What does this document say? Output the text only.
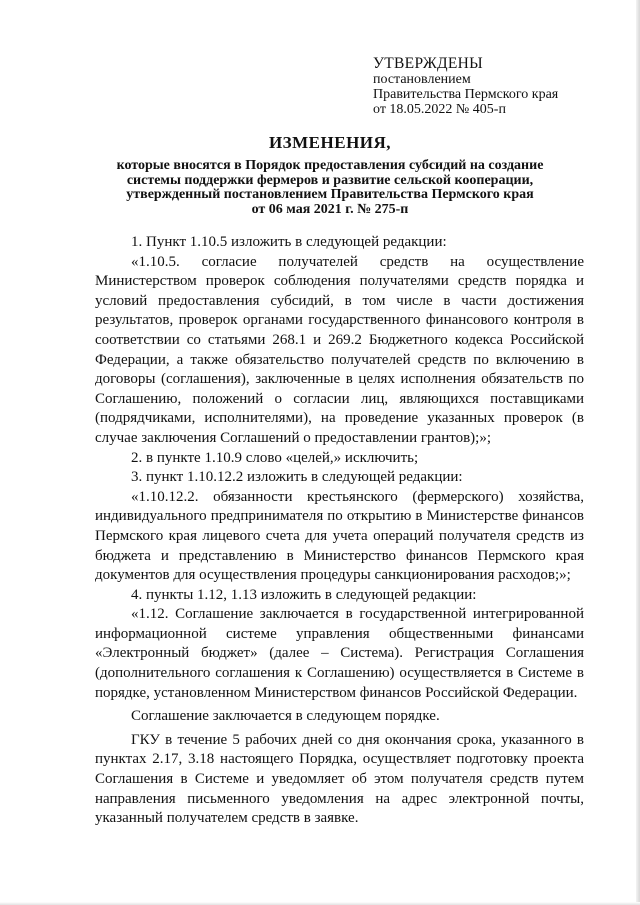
УТВЕРЖДЕНЫ
постановлением
Правительства Пермского края
от 18.05.2022 № 405-п
ИЗМЕНЕНИЯ,
которые вносятся в Порядок предоставления субсидий на создание
системы поддержки фермеров и развитие сельской кооперации,
утвержденный постановлением Правительства Пермского края
от 06 мая 2021 г. № 275-п

1. Пункт 1.10.5 изложить в следующей редакции:

«1.10.5. согласие получателей средств на осуществление Министерством проверок соблюдения получателями средств порядка и условий предоставления субсидий, в том числе в части достижения результатов, проверок органами государственного финансового контроля в соответствии со статьями 268.1 и 269.2 Бюджетного кодекса Российской Федерации, а также обязательство получателей средств по включению в договоры (соглашения), заключенные в целях исполнения обязательств по Соглашению, положений о согласии лиц, являющихся поставщиками (подрядчиками, исполнителями), на проведение указанных проверок (в случае заключения Соглашений о предоставлении грантов);»;

2. в пункте 1.10.9 слово «целей,» исключить;

3. пункт 1.10.12.2 изложить в следующей редакции:

«1.10.12.2. обязанности крестьянского (фермерского) хозяйства, индивидуального предпринимателя по открытию в Министерстве финансов Пермского края лицевого счета для учета операций получателя средств из бюджета и представлению в Министерство финансов Пермского края документов для осуществления процедуры санкционирования расходов;»;

4. пункты 1.12, 1.13 изложить в следующей редакции:

«1.12. Соглашение заключается в государственной интегрированной информационной системе управления общественными финансами «Электронный бюджет» (далее – Система). Регистрация Соглашения (дополнительного соглашения к Соглашению) осуществляется в Системе в порядке, установленном Министерством финансов Российской Федерации.

Соглашение заключается в следующем порядке.

ГКУ в течение 5 рабочих дней со дня окончания срока, указанного в пунктах 2.17, 3.18 настоящего Порядка, осуществляет подготовку проекта Соглашения в Системе и уведомляет об этом получателя средств путем направления письменного уведомления на адрес электронной почты, указанный получателем средств в заявке.
